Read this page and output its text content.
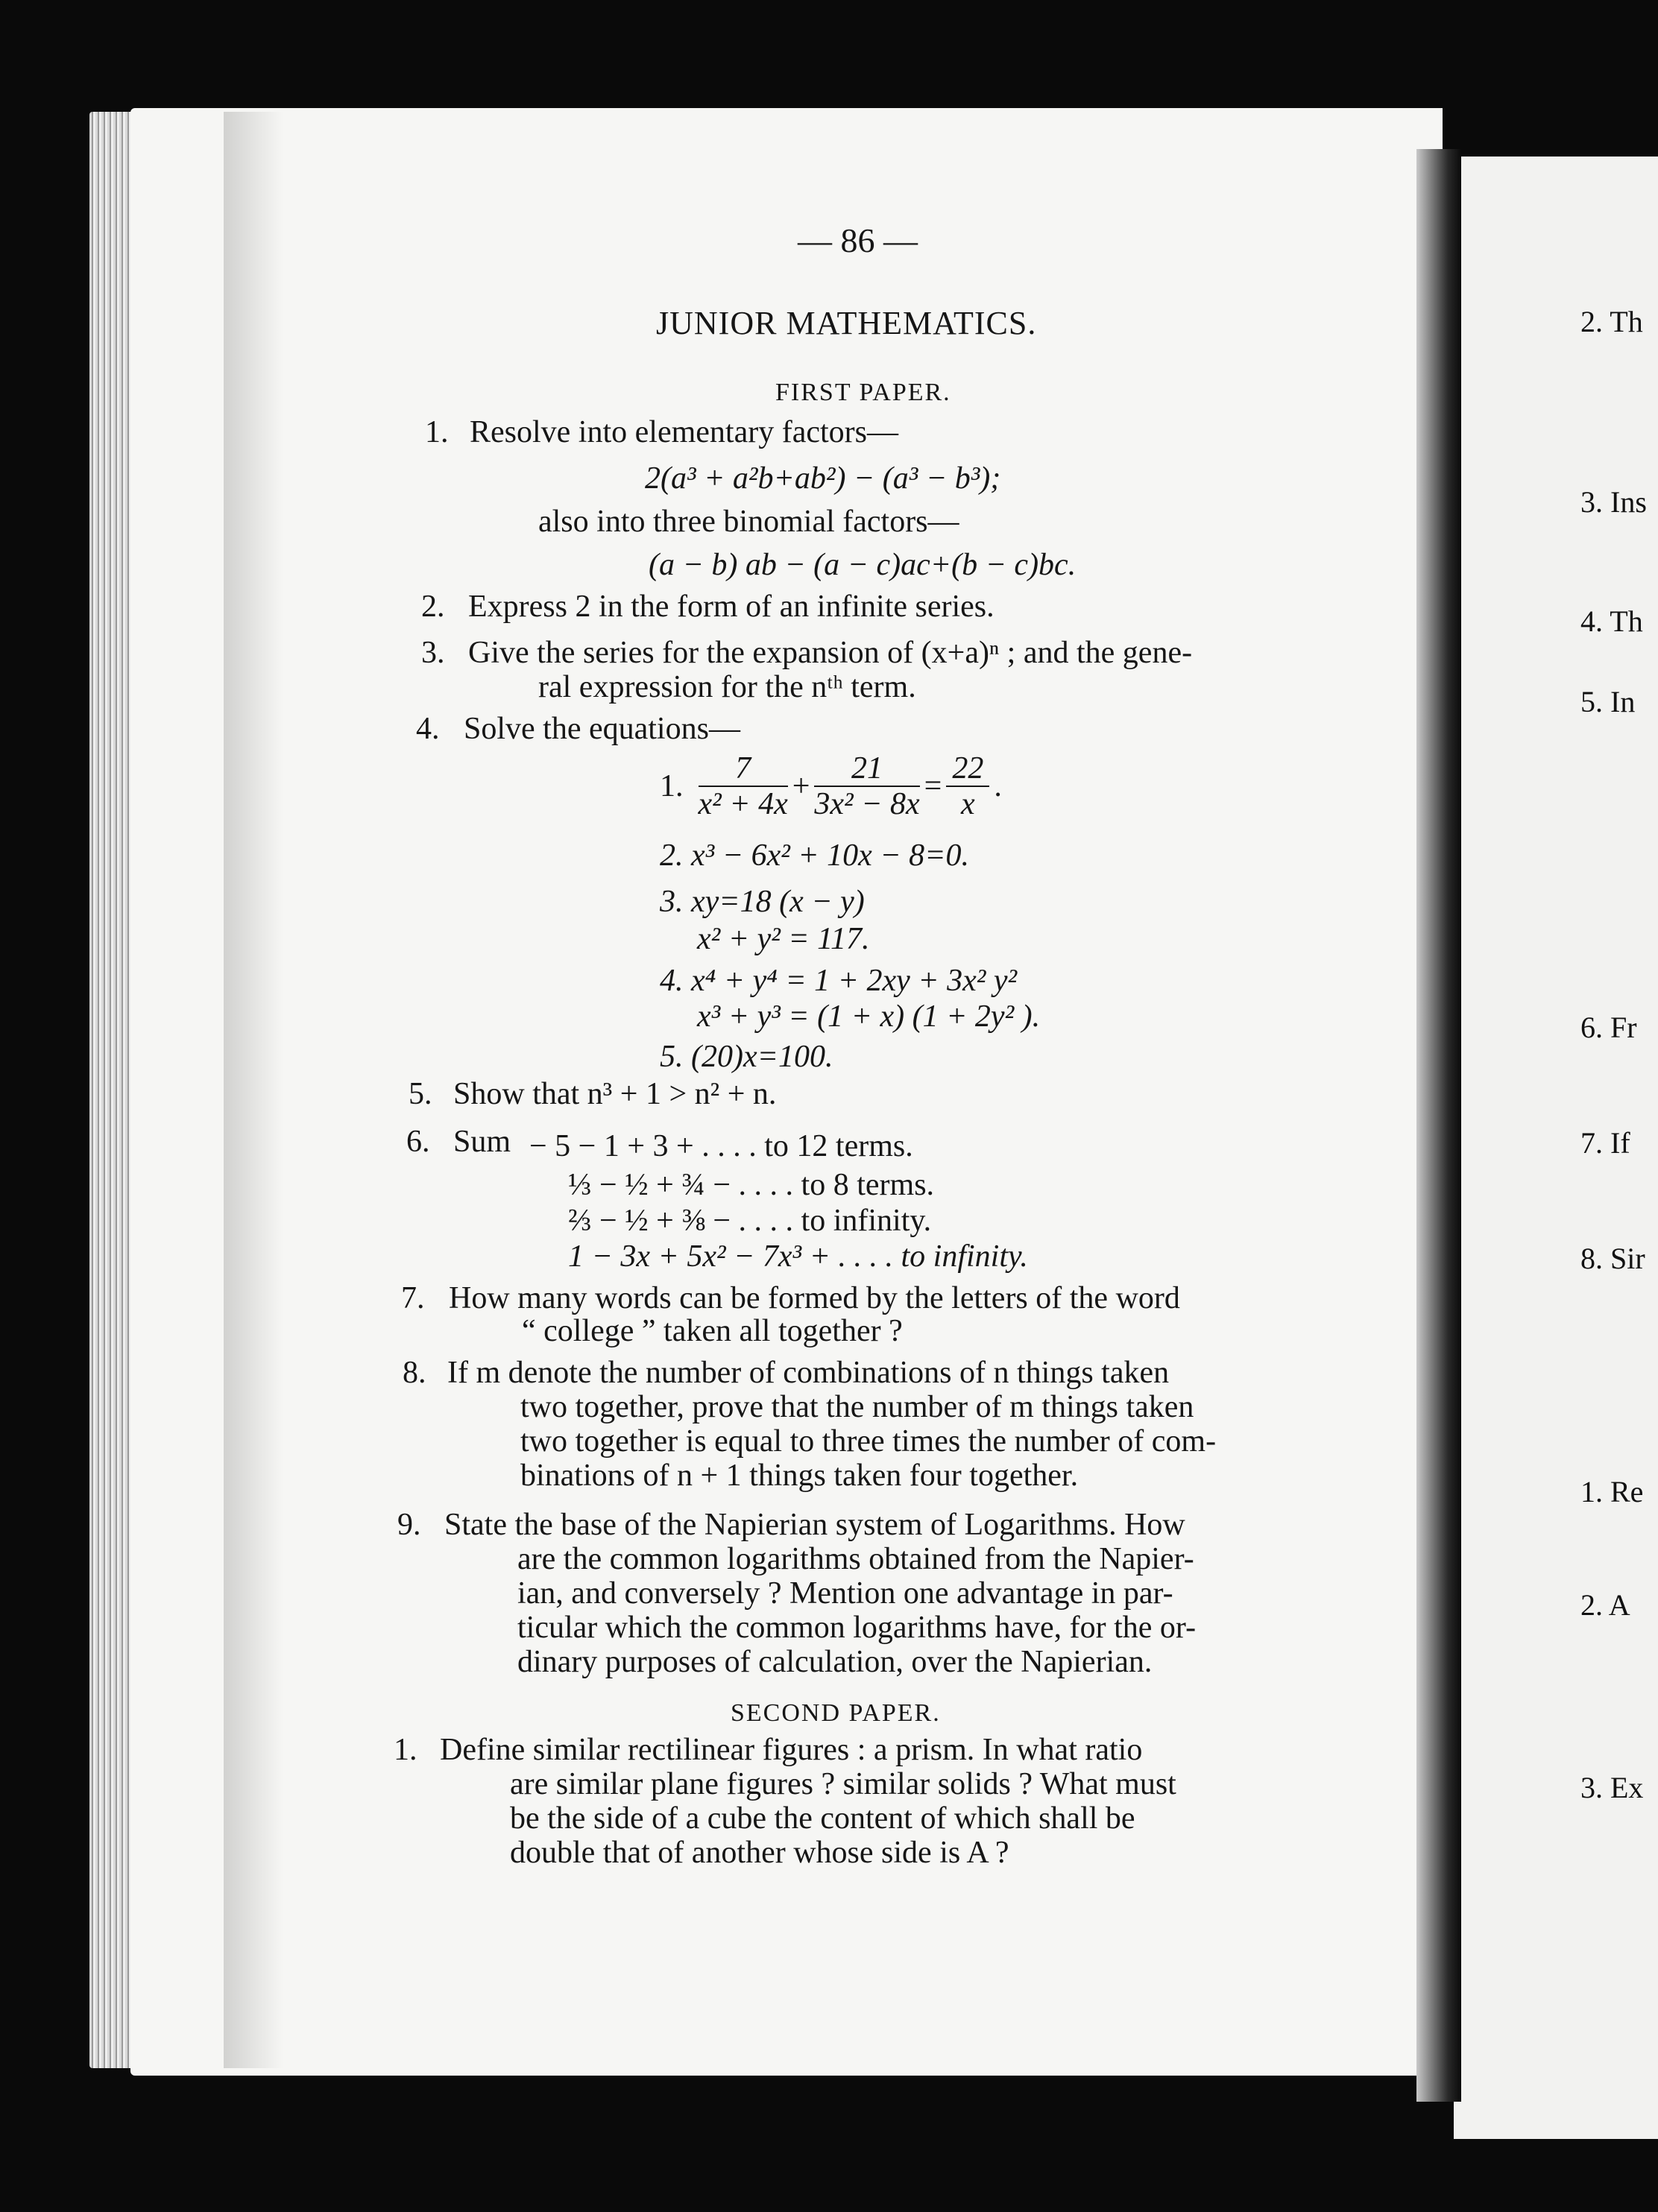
2. Th
3. Ins
4. Th
5. In
6. Fr
7. If
8. Sir
1. Re
2. A
3. Ex
— 86 —
JUNIOR MATHEMATICS.
FIRST PAPER.
1. Resolve into elementary factors—
2(a³ + a²b+ab²) − (a³ − b³);
also into three binomial factors—
(a − b) ab − (a − c)ac+(b − c)bc.
2. Express 2 in the form of an infinite series.
3. Give the series for the expansion of (x+a)ⁿ ; and the gene-
ral expression for the nᵗʰ term.
4. Solve the equations—
1. $\frac{7}{\text{x² + 4x}} + \frac{21}{\text{3x² − 8x}} = \frac{22}{x}$ .
2. x³ − 6x² + 10x − 8=0.
3. xy=18 (x − y)
x² + y² = 117.
4. x⁴ + y⁴ = 1 + 2xy + 3x² y²
x³ + y³ = (1 + x) (1 + 2y² ).
5. (20)x=100.
5. Show that n³ + 1 > n² + n.
6. Sum − 5 − 1 + 3 + . . . . to 12 terms.
⅓ − ½ + ¾ − . . . . to 8 terms.
⅔ − ½ + ⅜ − . . . . to infinity.
1 − 3x + 5x² − 7x³ + . . . . to infinity.
7. How many words can be formed by the letters of the word
“ college ” taken all together ?
8. If m denote the number of combinations of n things taken
two together, prove that the number of m things taken
two together is equal to three times the number of com-
binations of n + 1 things taken four together.
9. State the base of the Napierian system of Logarithms. How
are the common logarithms obtained from the Napier-
ian, and conversely ? Mention one advantage in par-
ticular which the common logarithms have, for the or-
dinary purposes of calculation, over the Napierian.
SECOND PAPER.
1. Define similar rectilinear figures : a prism. In what ratio
are similar plane figures ? similar solids ? What must
be the side of a cube the content of which shall be
double that of another whose side is A ?
